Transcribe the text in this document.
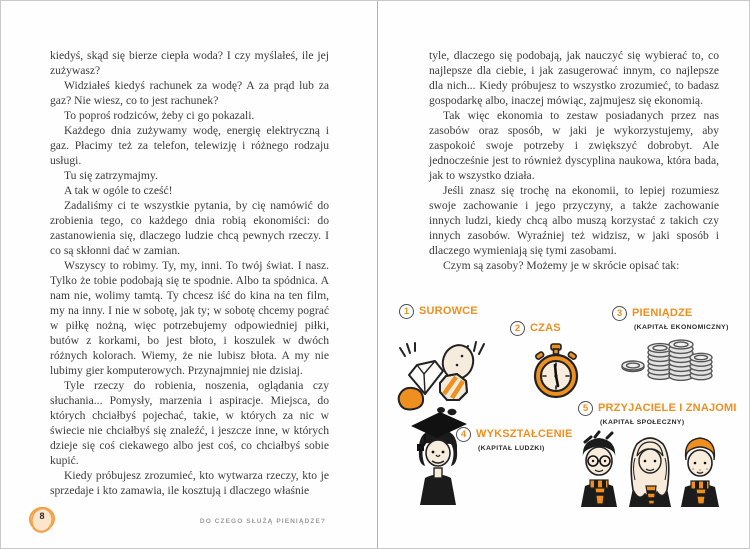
kiedyś, skąd się bierze ciepła woda? I czy myślałeś, ile jej zużywasz?

Widziałeś kiedyś rachunek za wodę? A za prąd lub za gaz? Nie wiesz, co to jest rachunek?

To poproś rodziców, żeby ci go pokazali.

Każdego dnia zużywamy wodę, energię elektryczną i gaz. Płacimy też za telefon, telewizję i różnego rodzaju usługi.

Tu się zatrzymajmy.

A tak w ogóle to cześć!

Zadaliśmy ci te wszystkie pytania, by cię namówić do zrobienia tego, co każdego dnia robią ekonomiści: do zastanowienia się, dlaczego ludzie chcą pewnych rzeczy. I co są skłonni dać w zamian.

Wszyscy to robimy. Ty, my, inni. To twój świat. I nasz. Tylko że tobie podobają się te spodnie. Albo ta spódnica. A nam nie, wolimy tamtą. Ty chcesz iść do kina na ten film, my na inny. I nie w sobotę, jak ty; w sobotę chcemy pograć w piłkę nożną, więc potrzebujemy odpowiedniej piłki, butów z korkami, bo jest błoto, i koszulek w dwóch różnych kolorach. Wiemy, że nie lubisz błota. A my nie lubimy gier komputerowych. Przynajmniej nie dzisiaj.

Tyle rzeczy do robienia, noszenia, oglądania czy słuchania... Pomysły, marzenia i aspiracje. Miejsca, do których chciałbyś pojechać, takie, w których za nic w świecie nie chciałbyś się znaleźć, i jeszcze inne, w których dzieje się coś ciekawego albo jest coś, co chciałbyś sobie kupić.

Kiedy próbujesz zrozumieć, kto wytwarza rzeczy, kto je sprzedaje i kto zamawia, ile kosztują i dlaczego właśnie

tyle, dlaczego się podobają, jak nauczyć się wybierać to, co najlepsze dla ciebie, i jak zasugerować innym, co najlepsze dla nich... Kiedy próbujesz to wszystko zrozumieć, to badasz gospodarkę albo, inaczej mówiąc, zajmujesz się ekonomią.

Tak więc ekonomia to zestaw posiadanych przez nas zasobów oraz sposób, w jaki je wykorzystujemy, aby zaspokoić swoje potrzeby i zwiększyć dobrobyt. Ale jednocześnie jest to również dyscyplina naukowa, która bada, jak to wszystko działa.

Jeśli znasz się trochę na ekonomii, to lepiej rozumiesz swoje zachowanie i jego przyczyny, a także zachowanie innych ludzi, kiedy chcą albo muszą korzystać z takich czy innych zasobów. Wyraźniej też widzisz, w jaki sposób i dlaczego wymieniają się tymi zasobami.

Czym są zasoby? Możemy je w skrócie opisać tak:

1 SUROWCE
2 CZAS
3 PIENIĄDZE
(KAPITAŁ EKONOMICZNY)
4 WYKSZTAŁCENIE
(KAPITAŁ LUDZKI)
5 PRZYJACIELE I ZNAJOMI
(KAPITAŁ SPOŁECZNY)
8
DO CZEGO SŁUŻĄ PIENIĄDZE?
